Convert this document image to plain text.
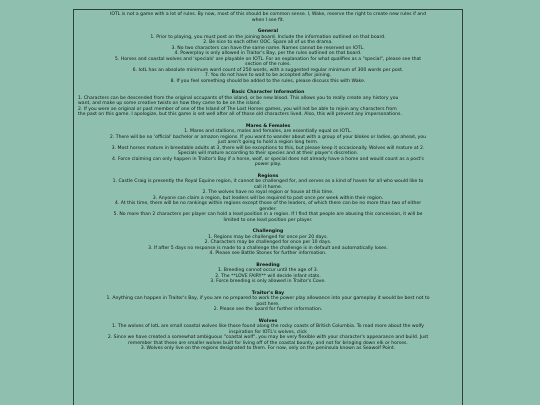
IOTL is not a game with a lot of rules. By now, most of this should be common sense. I, Wake, reserve the right to create new rules if and

when I see fit.

General

1. Prior to playing, you must post on the joining board. Include the information outlined on that board.

2. Be nice to each other OOC. Spare all of us the drama.

3. No two characters can have the same name. Names cannot be reserved on IOTL.

4. Powerplay is only allowed in Traitor's Bay, per the rules outlined on that board.

5. Horses and coastal wolves and 'specials' are playable on IOTL. For an explanation for what qualifies as a "special", please see that

section of the rules.

6. IotL has an absolute minimum word count of 250 words, with a suggested regular minimum of 300 words per post.

7. You do not have to wait to be accepted after joining.

8. If you feel something should be added to the rules, please discuss this with Wake.

Basic Character Information

1. Characters can be descended from the original occupants of the island, or be new blood. This allows you to really create any history you

want, and make up some creative twists on how they came to be on the island.

2. If you were an original or past member of one of the Island of The Lost Horses games, you will not be able to rejoin any characters from

the past on this game. I apologize, but this game is set well after all of those old characters lived. Also, this will prevent any impersonations.

Mares & Females

1. Mares and stallions, males and females, are essentially equal on IOTL.

2. There will be no 'official' bachelor or amazon regions. If you want to wander about with a group of your blokes or ladies, go ahead, you

just aren't going to hold a region long term.

3. Most horses mature in breedable adults at 3, there will be exceptions to this, but please keep it occasionally. Wolves will mature at 2.

Specials will mature according to their species and at their player's discretion.

4. Force claiming can only happen in Traitor's Bay if a horse, wolf, or special does not already have a home and would count as a post's

power play.

Regions

1. Castle Craig is presently the Royal Equine region, it cannot be challenged for, and serves as a kind of haven for all who would like to

call it home.

2. The wolves have no royal region or house at this time.

3. Anyone can claim a region, but leaders will be required to post once per week within their region.

4. At this time, there will be no rankings within regions except those of the leaders, of which there can be no more than two of either

gender.

5. No more than 2 characters per player can hold a lead position in a region. If I find that people are abusing this concession, it will be

limited to one lead position per player.

Challenging

1. Regions may be challenged for once per 20 days.

2. Characters may be challenged for once per 10 days.

3. If after 5 days no response is made to a challenge the challenge is in default and automatically loses.

4. Please see Battle Stones for further information.

Breeding

1. Breeding cannot occur until the age of 3.

2. The **LOVE FAIRY** will decide infant stats.

3. Force breeding is only allowed in Traitor's Cove.

Traitor's Bay

1. Anything can happen in Traitor's Bay, if you are no prepared to work the power play allowance into your gameplay it would be best not to

post here.

2. Please see the board for further information.

Wolves

1. The wolves of IotL are small coastal wolves like those found along the rocky coasts of British Columbia. To read more about the wolfy

inspiration for IOTL's wolves, click

2. Since we have created a somewhat ambiguous "coastal wolf", you may be very flexible with your character's appearance and build. Just

remember that these are smaller wolves built for living off of the coastal bounty, and not for bringing down elk or horses.

3. Wolves only live on the regions designated to them. For now, only on the peninsula known as Seawolf Point.
